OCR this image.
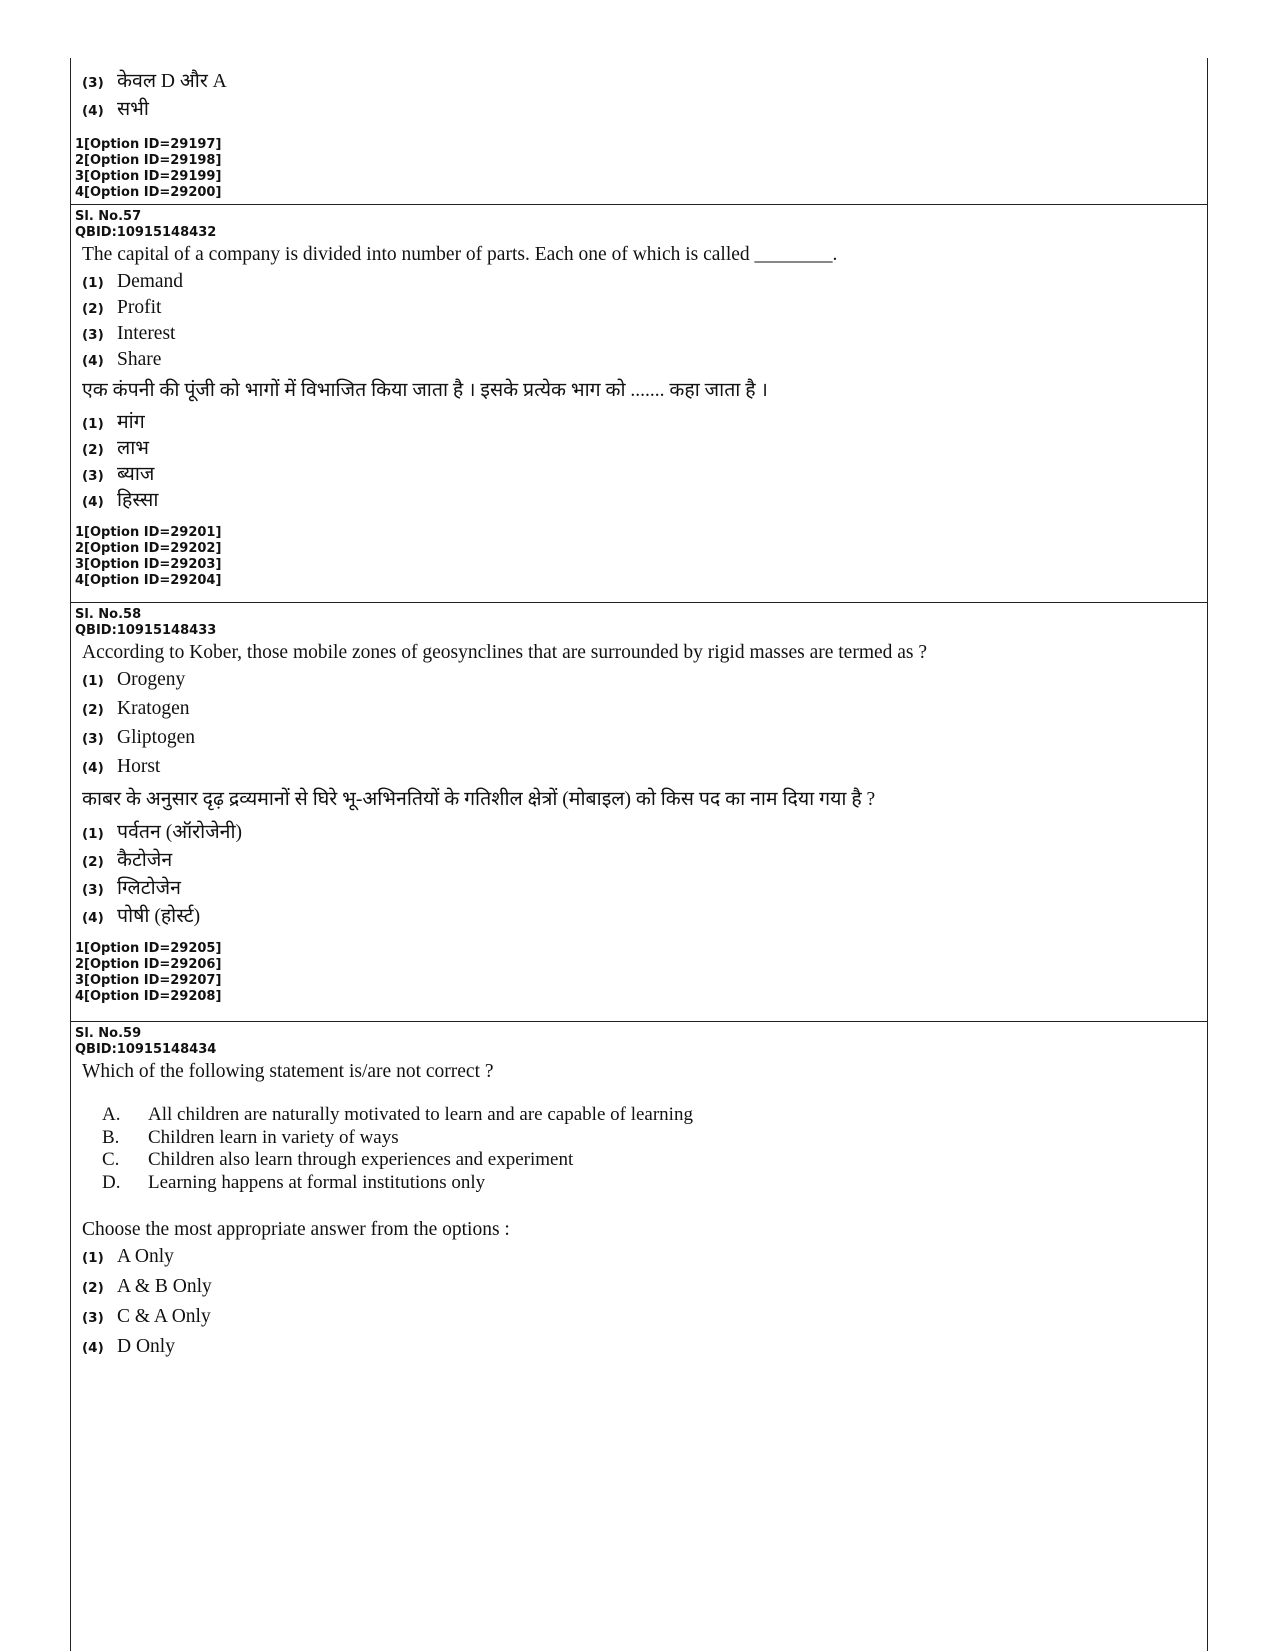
(3) केवल D और A
(4) सभी
1[Option ID=29197]
2[Option ID=29198]
3[Option ID=29199]
4[Option ID=29200]
Sl. No.57
QBID:10915148432
The capital of a company is divided into number of parts. Each one of which is called ________.
(1) Demand
(2) Profit
(3) Interest
(4) Share
एक कंपनी की पूंजी को भागों में विभाजित किया जाता है । इसके प्रत्येक भाग को ....... कहा जाता है ।
(1) मांग
(2) लाभ
(3) ब्याज
(4) हिस्सा
1[Option ID=29201]
2[Option ID=29202]
3[Option ID=29203]
4[Option ID=29204]
Sl. No.58
QBID:10915148433
According to Kober, those mobile zones of geosynclines that are surrounded by rigid masses are termed as ?
(1) Orogeny
(2) Kratogen
(3) Gliptogen
(4) Horst
काबर के अनुसार दृढ़ द्रव्यमानों से घिरे भू-अभिनतियों के गतिशील क्षेत्रों (मोबाइल) को किस पद का नाम दिया गया है ?
(1) पर्वतन (ऑरोजेनी)
(2) कैटोजेन
(3) ग्लिटोजेन
(4) पोषी (होर्स्ट)
1[Option ID=29205]
2[Option ID=29206]
3[Option ID=29207]
4[Option ID=29208]
Sl. No.59
QBID:10915148434
Which of the following statement is/are not correct ?
A.	All children are naturally motivated to learn and are capable of learning
B.	Children learn in variety of ways
C.	Children also learn through experiences and experiment
D.	Learning happens at formal institutions only
Choose the most appropriate answer from the options :
(1) A Only
(2) A & B Only
(3) C & A Only
(4) D Only
